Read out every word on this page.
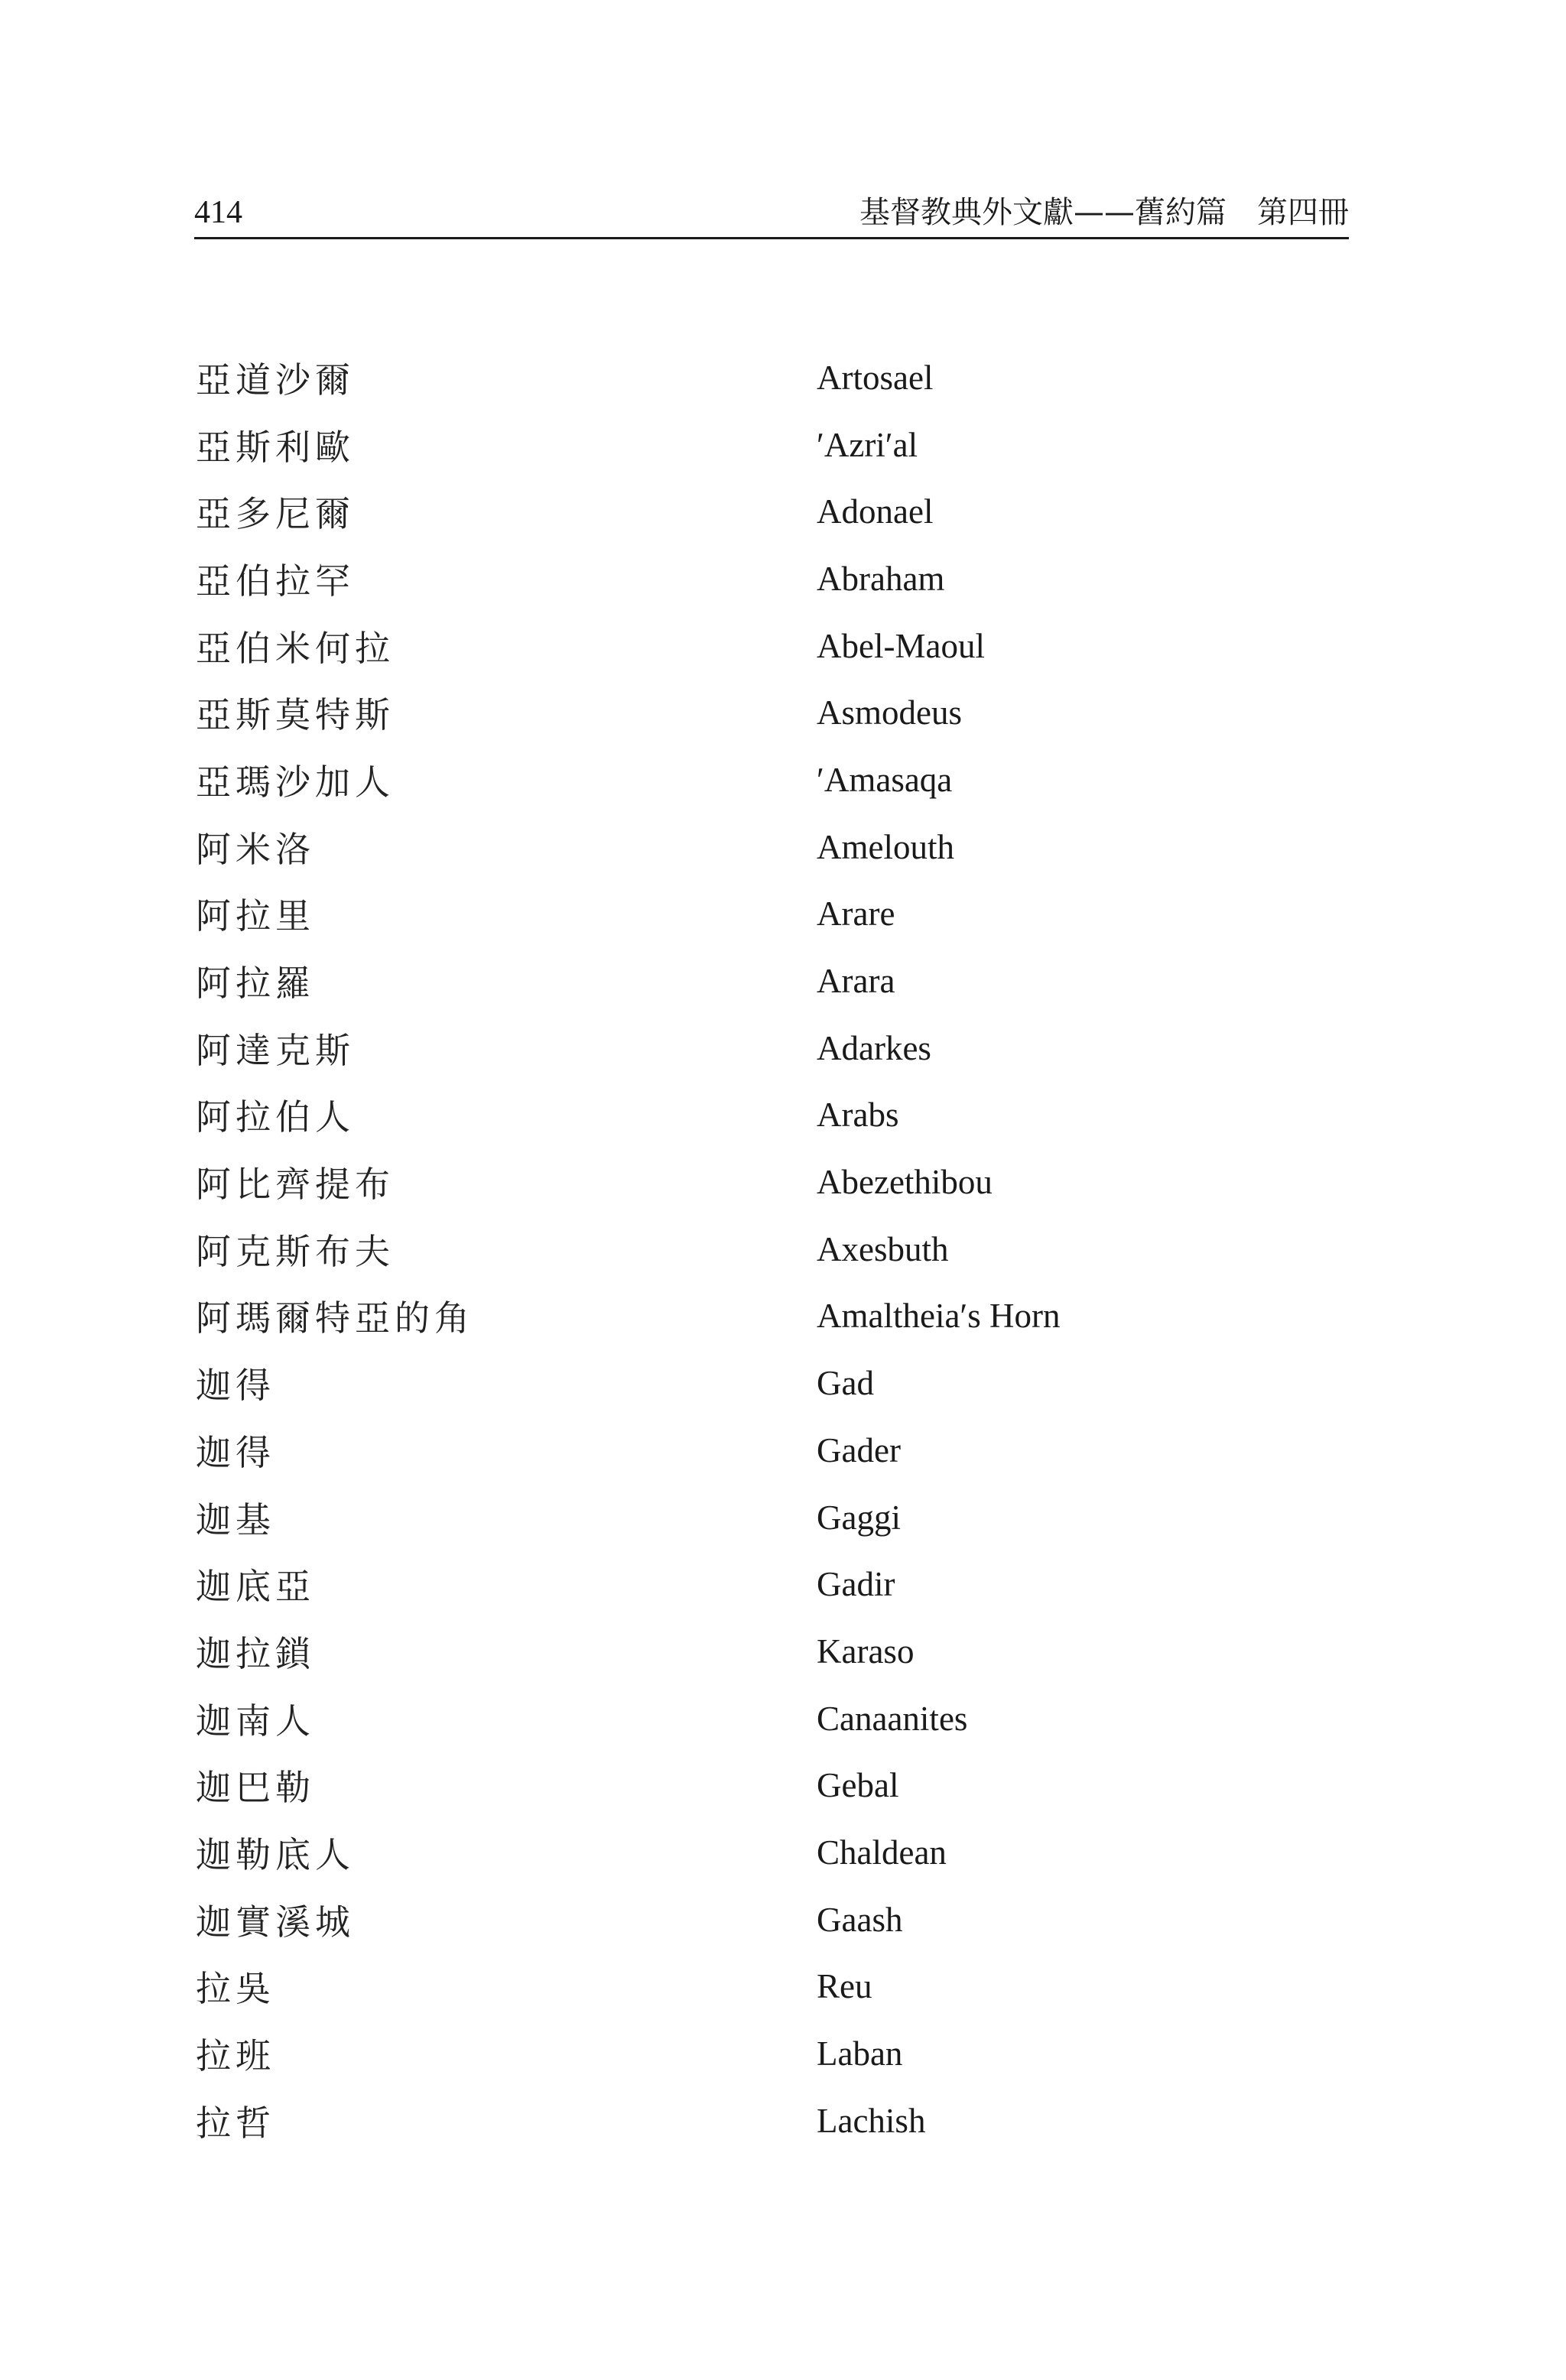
414	基督教典外文獻——舊約篇　第四冊
亞道沙爾	Artosael
亞斯利歐	ʹAzriʹal
亞多尼爾	Adonael
亞伯拉罕	Abraham
亞伯米何拉	Abel-Maoul
亞斯莫特斯	Asmodeus
亞瑪沙加人	ʹAmasaqa
阿米洛	Amelouth
阿拉里	Arare
阿拉羅	Arara
阿達克斯	Adarkes
阿拉伯人	Arabs
阿比齊提布	Abezethibou
阿克斯布夫	Axesbuth
阿瑪爾特亞的角	Amaltheiaʹs Horn
迦得	Gad
迦得	Gader
迦基	Gaggi
迦底亞	Gadir
迦拉鎖	Karaso
迦南人	Canaanites
迦巴勒	Gebal
迦勒底人	Chaldean
迦實溪城	Gaash
拉吳	Reu
拉班	Laban
拉哲	Lachish
